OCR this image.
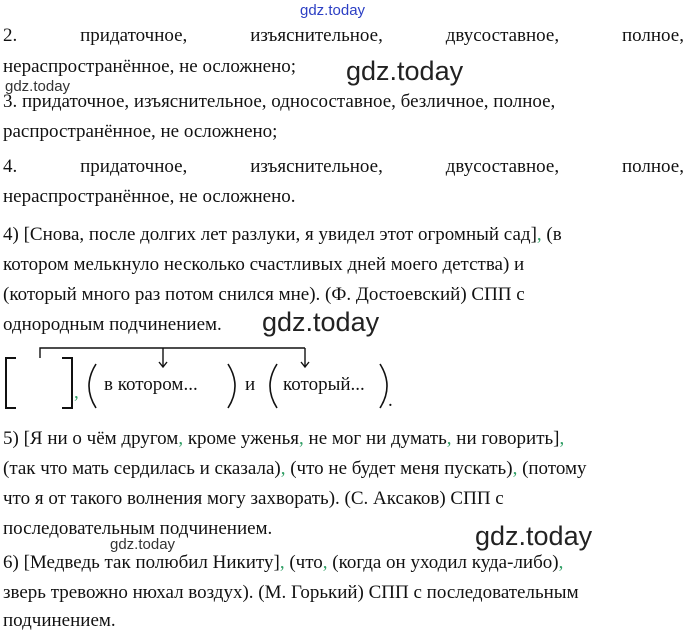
gdz.today
gdz.today
gdz.today
gdz.today
gdz.today
gdz.today
2.	придаточное,	изъяснительное,	двусоставное,	полное,
нераспространённое, не осложнено;
3. придаточное, изъяснительное, односоставное, безличное, полное,
распространённое, не осложнено;
4.	придаточное,	изъяснительное,	двусоставное,	полное,
нераспространённое, не осложнено.
4) [Снова, после долгих лет разлуки, я увидел этот огромный сад], (в
котором мелькнуло несколько счастливых дней моего детства) и
(который много раз потом снился мне). (Ф. Достоевский) СПП с
однородным подчинением.
, в котором... и который...
.
5) [Я ни о чём другом, кроме уженья, не мог ни думать, ни говорить],
(так что мать сердилась и сказала), (что не будет меня пускать), (потому
что я от такого волнения могу захворать). (С. Аксаков) СПП с
последовательным подчинением.
6) [Медведь так полюбил Никиту], (что, (когда он уходил куда-либо),
зверь тревожно нюхал воздух). (М. Горький) СПП с последовательным
подчинением.
